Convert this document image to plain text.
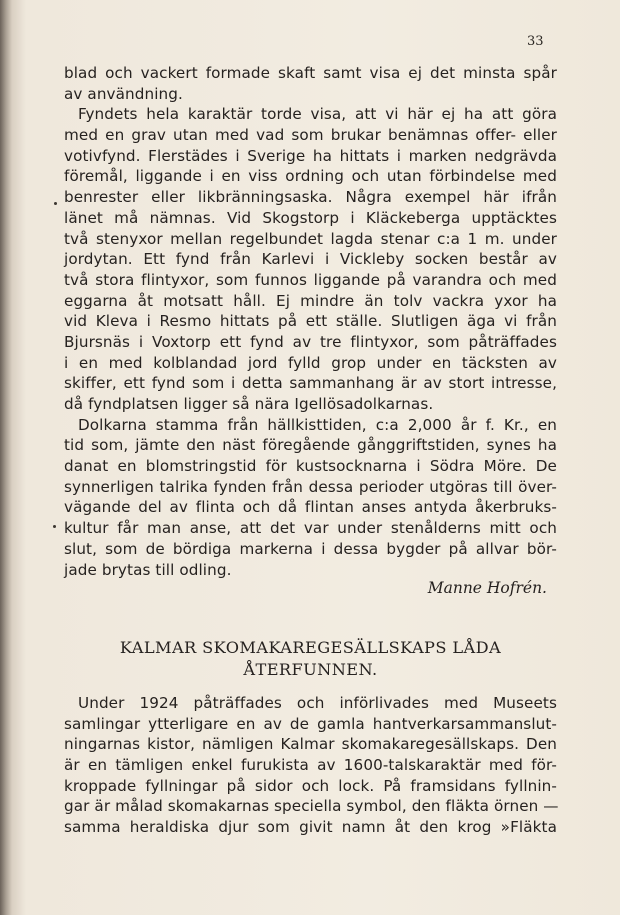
33
blad och vackert formade skaft samt visa ej det minsta spår
av användning.
Fyndets hela karaktär torde visa, att vi här ej ha att göra
med en grav utan med vad som brukar benämnas offer- eller
votivfynd. Flerstädes i Sverige ha hittats i marken nedgrävda
föremål, liggande i en viss ordning och utan förbindelse med
benrester eller likbränningsaska. Några exempel här ifrån
länet må nämnas. Vid Skogstorp i Kläckeberga upptäcktes
två stenyxor mellan regelbundet lagda stenar c:a 1 m. under
jordytan. Ett fynd från Karlevi i Vickleby socken består av
två stora flintyxor, som funnos liggande på varandra och med
eggarna åt motsatt håll. Ej mindre än tolv vackra yxor ha
vid Kleva i Resmo hittats på ett ställe. Slutligen äga vi från
Bjursnäs i Voxtorp ett fynd av tre flintyxor, som påträffades
i en med kolblandad jord fylld grop under en täcksten av
skiffer, ett fynd som i detta sammanhang är av stort intresse,
då fyndplatsen ligger så nära Igellösadolkarnas.
Dolkarna stamma från hällkisttiden, c:a 2,000 år f. Kr., en
tid som, jämte den näst föregående gånggriftstiden, synes ha
danat en blomstringstid för kustsocknarna i Södra Möre. De
synnerligen talrika fynden från dessa perioder utgöras till över-
vägande del av flinta och då flintan anses antyda åkerbruks-
kultur får man anse, att det var under stenålderns mitt och
slut, som de bördiga markerna i dessa bygder på allvar bör-
jade brytas till odling.
Manne Hofrén.
KALMAR SKOMAKAREGESÄLLSKAPS LÅDA
ÅTERFUNNEN.
Under 1924 påträffades och införlivades med Museets
samlingar ytterligare en av de gamla hantverkarsammanslut-
ningarnas kistor, nämligen Kalmar skomakaregesällskaps. Den
är en tämligen enkel furukista av 1600-talskaraktär med för-
kroppade fyllningar på sidor och lock. På framsidans fyllnin-
gar är målad skomakarnas speciella symbol, den fläkta örnen —
samma heraldiska djur som givit namn åt den krog »Fläkta
